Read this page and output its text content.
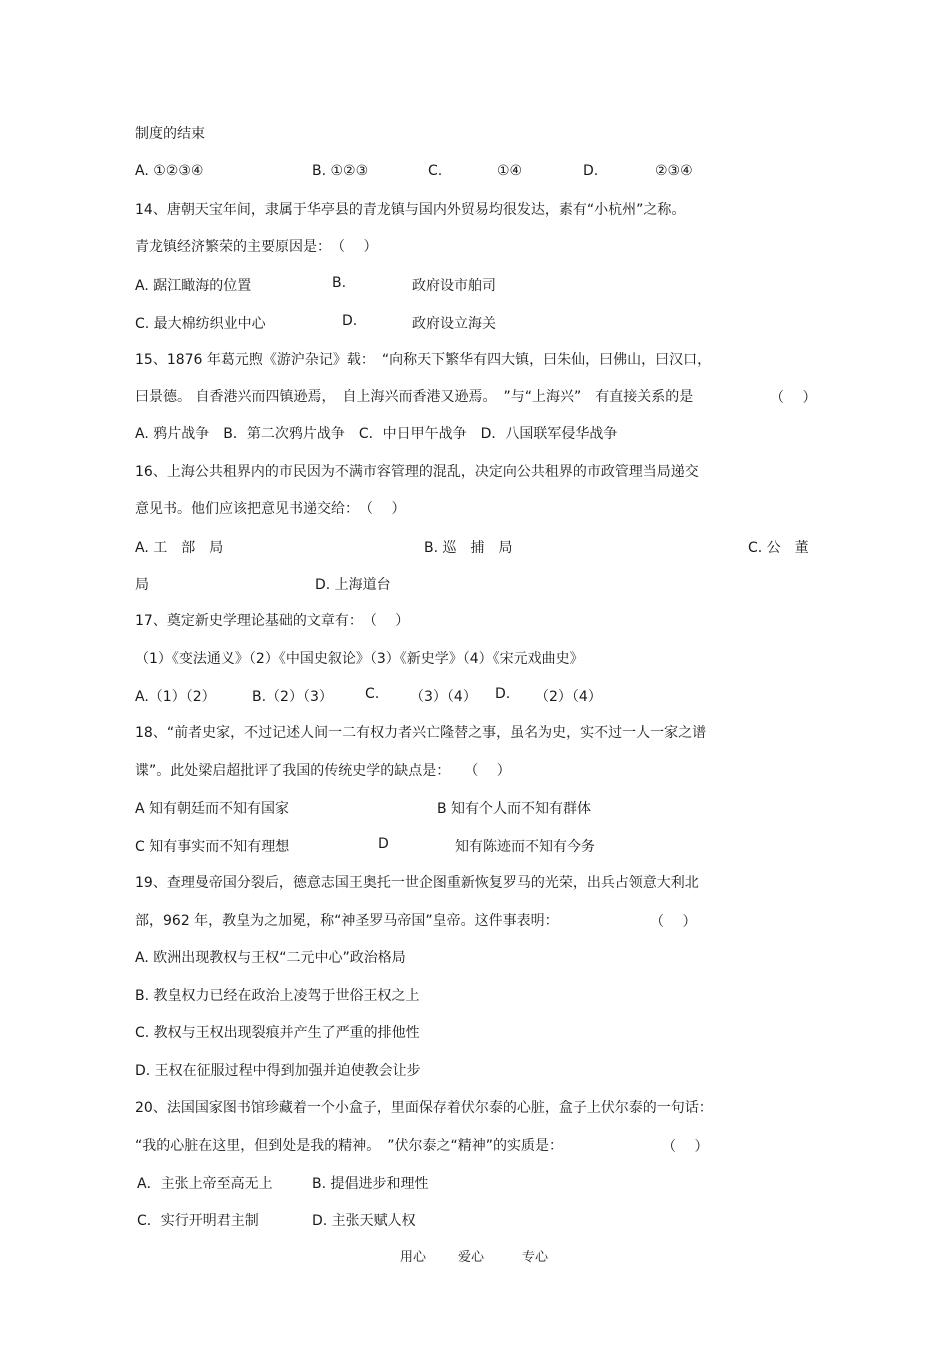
制度的结束
A. ①②③④	B. ①②③	C.	①④	D.	②③④
14、唐朝天宝年间，隶属于华亭县的青龙镇与国内外贸易均很发达，素有“小杭州”之称。
青龙镇经济繁荣的主要原因是：　（　 ）
A. 踞江瞰海的位置	B.	政府设市舶司
C. 最大棉纺织业中心	D.	政府设立海关
15、1876 年葛元煦《游沪杂记》载：　“向称天下繁华有四大镇，曰朱仙，曰佛山，曰汉口，
曰景德。 自香港兴而四镇逊焉，　自上海兴而香港又逊焉。　”与“上海兴”　有直接关系的是	（　 ）
A. 鸦片战争　B．第二次鸦片战争　C．中日甲午战争　D．八国联军侵华战争
16、上海公共租界内的市民因为不满市容管理的混乱，决定向公共租界的市政管理当局递交
意见书。他们应该把意见书递交给：　（　 ）
A. 工　部　局	B. 巡　捕　局	C. 公　董
局	D. 上海道台
17、奠定新史学理论基础的文章有：　（　 ）
（1）《变法通义》（2）《中国史叙论》（3）《新史学》（4）《宋元戏曲史》
A.（1）（2）	B.（2）（3） C. （3）（4） D. （2）（4）
18、“前者史家，不过记述人间一二有权力者兴亡隆替之事，虽名为史，实不过一人一家之谱
谍”。此处梁启超批评了我国的传统史学的缺点是：　　（　 ）
A 知有朝廷而不知有国家	B 知有个人而不知有群体
C 知有事实而不知有理想	D	知有陈迹而不知有今务
19、查理曼帝国分裂后，德意志国王奥托一世企图重新恢复罗马的光荣，出兵占领意大利北
部，962 年，教皇为之加冕，称“神圣罗马帝国”皇帝。这件事表明：	（　 ）
A. 欧洲出现教权与王权“二元中心”政治格局
B. 教皇权力已经在政治上凌驾于世俗王权之上
C. 教权与王权出现裂痕并产生了严重的排他性
D. 王权在征服过程中得到加强并迫使教会让步
20、法国国家图书馆珍藏着一个小盒子，里面保存着伏尔泰的心脏，盒子上伏尔泰的一句话：
“我的心脏在这里，但到处是我的精神。　”伏尔泰之“精神”的实质是：	（　 ）
A．主张上帝至高无上	B. 提倡进步和理性
C．实行开明君主制	D. 主张天赋人权
用心 爱心	专心
